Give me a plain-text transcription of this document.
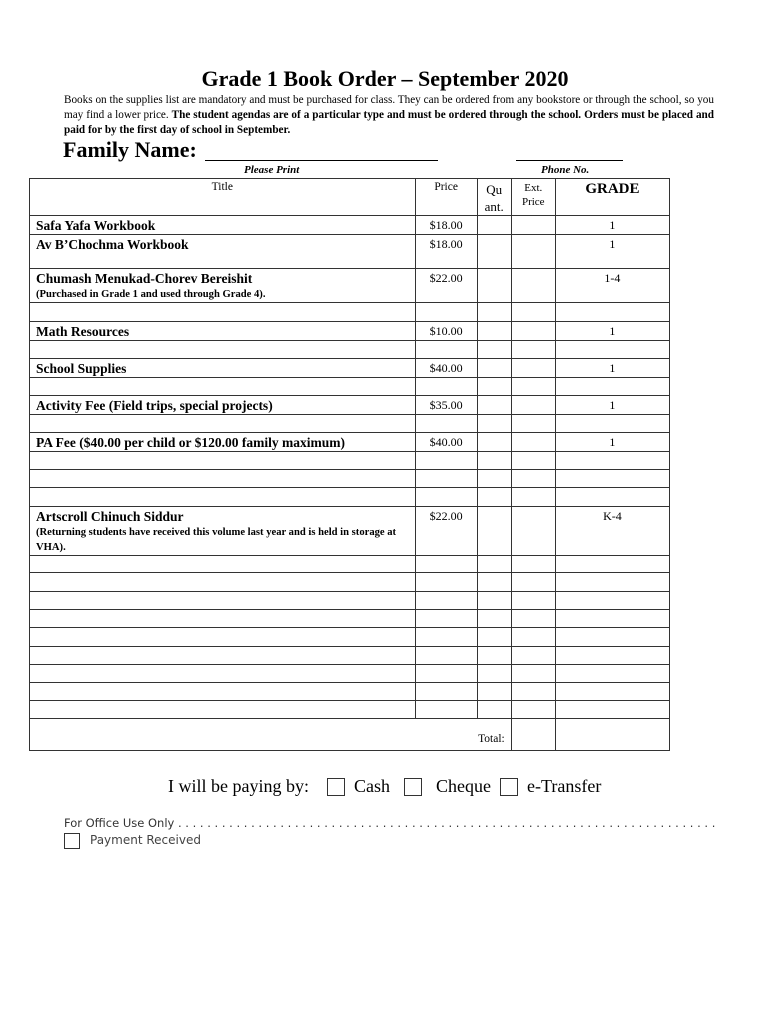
Grade 1 Book Order – September 2020
Books on the supplies list are mandatory and must be purchased for class. They can be ordered from any bookstore or through the school, so you may find a lower price. The student agendas are of a particular type and must be ordered through the school. Orders must be placed and paid for by the first day of school in September.
Family Name:
Please Print	Phone No.
Title	Price	Qu ant.	Ext. Price	GRADE

Safa Yafa Workbook	$18.00			1

Av B’Chochma Workbook	$18.00			1

Chumash Menukad-Chorev Bereishit
(Purchased in Grade 1 and used through Grade 4).	$22.00			1-4

Math Resources	$10.00			1

School Supplies	$40.00			1

Activity Fee (Field trips, special projects)	$35.00			1

PA Fee ($40.00 per child or $120.00 family maximum)	$40.00			1

Artscroll Chinuch Siddur
(Returning students have received this volume last year and is held in storage at VHA).	$22.00			K-4

Total:				
I will be paying by:	Cash	Cheque e-Transfer
For Office Use Only . . . . . . . . . . . . . . . . . . . . . . . . . . . . . . . . . . . . . . . . . . . . . . . . . . . . . . . . . . . . . . . . . . . . . . . . . .
Payment Received
